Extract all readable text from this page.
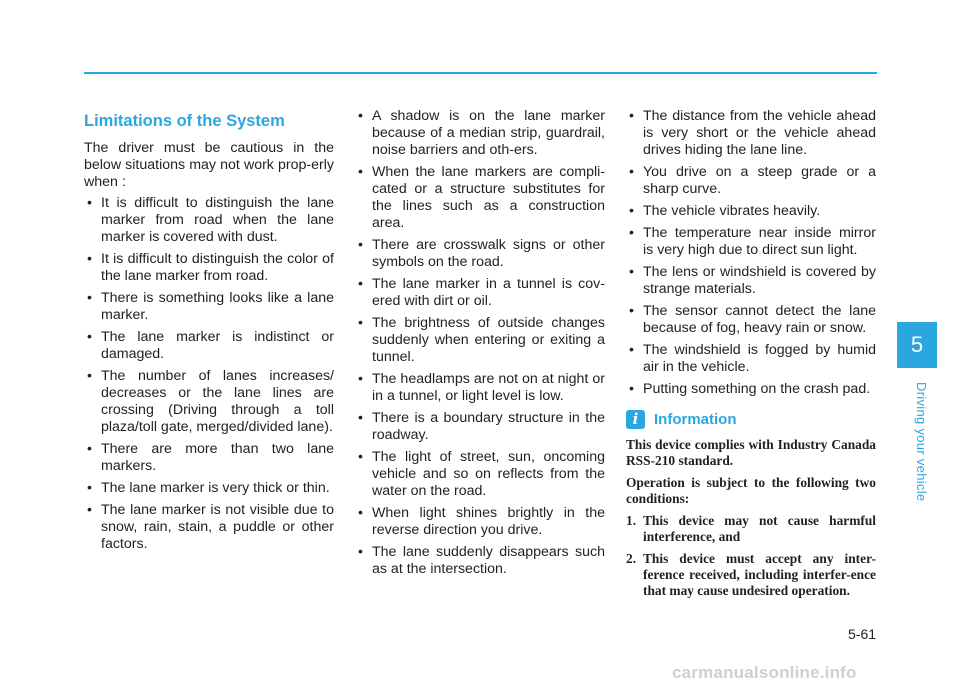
Limitations of the System

The driver must be cautious in the below situations may not work prop-erly when :

• It is difficult to distinguish the lane marker from road when the lane marker is covered with dust.
• It is difficult to distinguish the color of the lane marker from road.
• There is something looks like a lane marker.
• The lane marker is indistinct or damaged.
• The number of lanes increases/ decreases or the lane lines are crossing (Driving through a toll plaza/toll gate, merged/divided lane).
• There are more than two lane markers.
• The lane marker is very thick or thin.
• The lane marker is not visible due to snow, rain, stain, a puddle or other factors.
• A shadow is on the lane marker because of a median strip, guardrail, noise barriers and oth-ers.
• When the lane markers are compli-cated or a structure substitutes for the lines such as a construction area.
• There are crosswalk signs or other symbols on the road.
• The lane marker in a tunnel is cov-ered with dirt or oil.
• The brightness of outside changes suddenly when entering or exiting a tunnel.
• The headlamps are not on at night or in a tunnel, or light level is low.
• There is a boundary structure in the roadway.
• The light of street, sun, oncoming vehicle and so on reflects from the water on the road.
• When light shines brightly in the reverse direction you drive.
• The lane suddenly disappears such as at the intersection.
• The distance from the vehicle ahead is very short or the vehicle ahead drives hiding the lane line.
• You drive on a steep grade or a sharp curve.
• The vehicle vibrates heavily.
• The temperature near inside mirror is very high due to direct sun light.
• The lens or windshield is covered by strange materials.
• The sensor cannot detect the lane because of fog, heavy rain or snow.
• The windshield is fogged by humid air in the vehicle.
• Putting something on the crash pad.
i	Information

This device complies with Industry Canada RSS-210 standard.

Operation is subject to the following two conditions:

1. This device may not cause harmful interference, and
2. This device must accept any inter-ference received, including interfer-ence that may cause undesired operation.
5
Driving your vehicle
5-61
carmanualsonline.info
